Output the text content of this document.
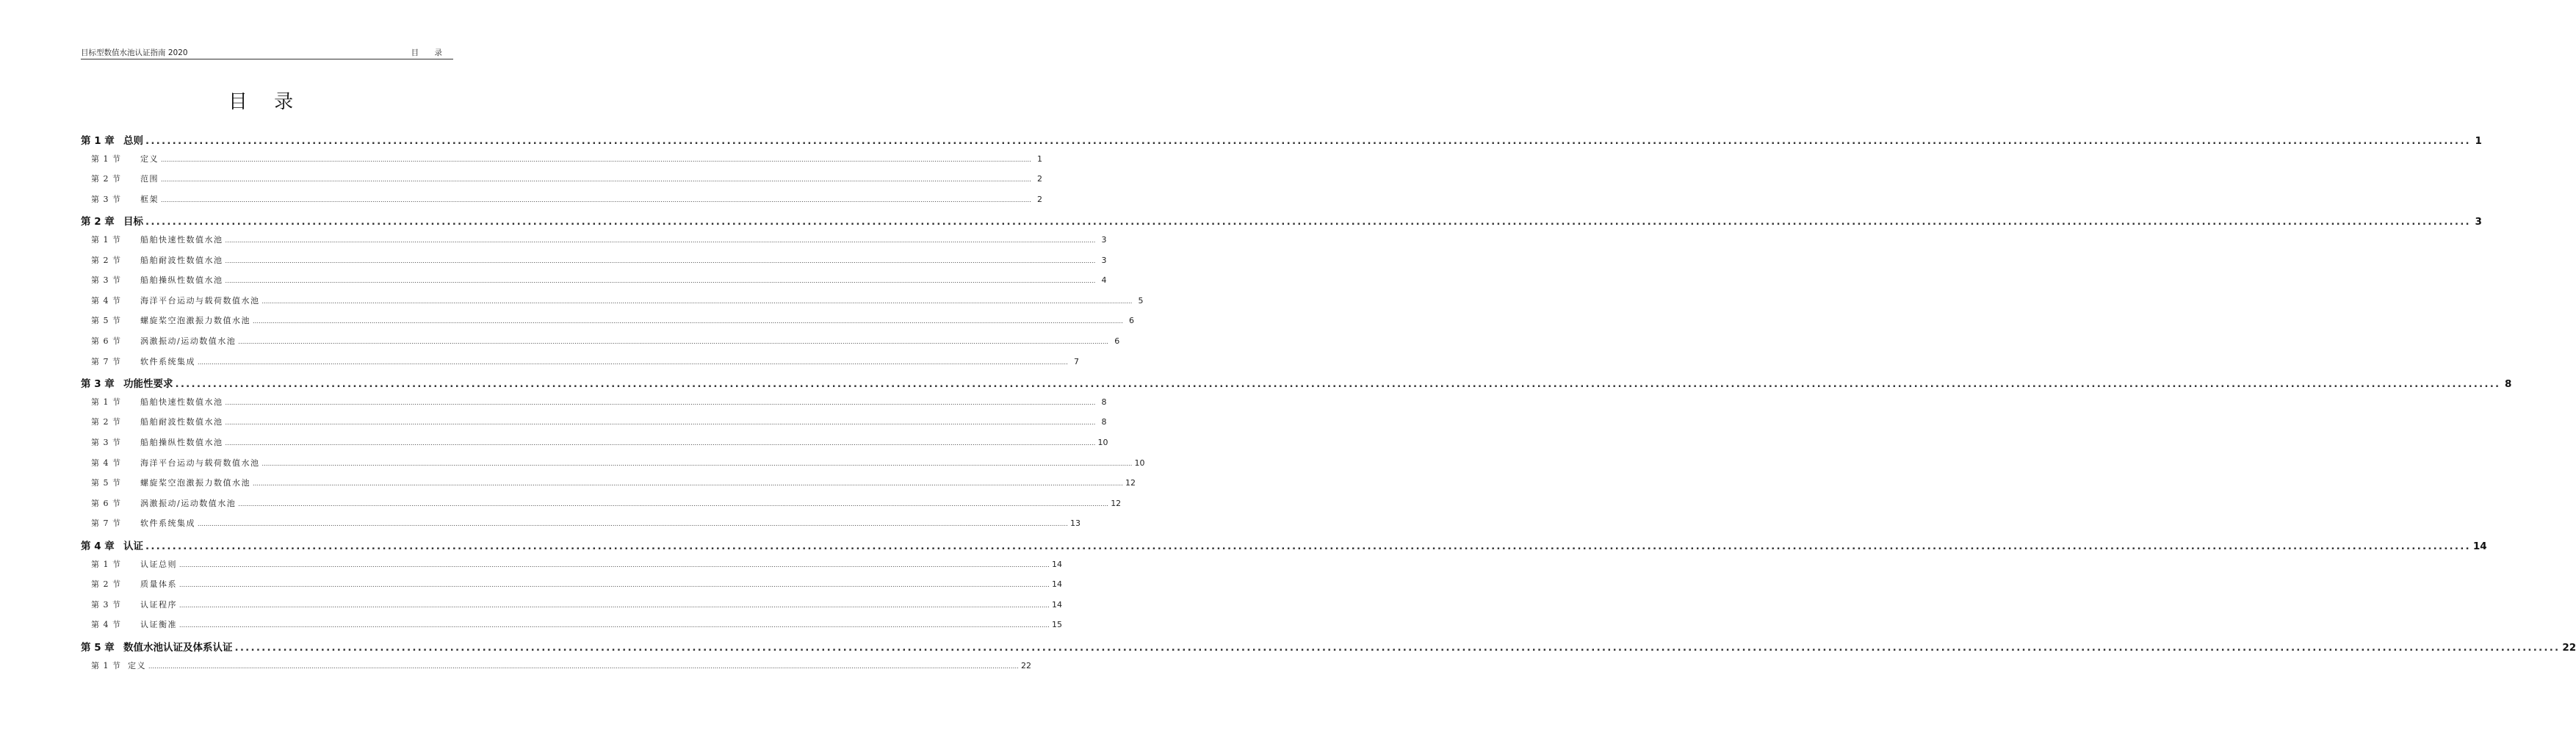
目标型数值水池认证指南 2020	目 录
目 录
第 1 章 总则 ................................................................................................................................................................................................................................................................................................................................................................................................................................................ 1
第 1 节	定义 ................................................................................................................................................................................................................................................................................................................................................................................................................................................ 1
第 2 节	范围 ................................................................................................................................................................................................................................................................................................................................................................................................................................................ 2
第 3 节	框架 ................................................................................................................................................................................................................................................................................................................................................................................................................................................ 2
第 2 章 目标 ................................................................................................................................................................................................................................................................................................................................................................................................................................................ 3
第 1 节	船舶快速性数值水池 ................................................................................................................................................................................................................................................................................................................................................................................................................................................ 3
第 2 节	船舶耐波性数值水池 ................................................................................................................................................................................................................................................................................................................................................................................................................................................ 3
第 3 节	船舶操纵性数值水池 ................................................................................................................................................................................................................................................................................................................................................................................................................................................ 4
第 4 节	海洋平台运动与载荷数值水池 ................................................................................................................................................................................................................................................................................................................................................................................................................................................ 5
第 5 节	螺旋桨空泡激振力数值水池 ................................................................................................................................................................................................................................................................................................................................................................................................................................................ 6
第 6 节	涡激振动/运动数值水池 ................................................................................................................................................................................................................................................................................................................................................................................................................................................ 6
第 7 节	软件系统集成 ................................................................................................................................................................................................................................................................................................................................................................................................................................................ 7
第 3 章 功能性要求 ................................................................................................................................................................................................................................................................................................................................................................................................................................................ 8
第 1 节	船舶快速性数值水池 ................................................................................................................................................................................................................................................................................................................................................................................................................................................ 8
第 2 节	船舶耐波性数值水池 ................................................................................................................................................................................................................................................................................................................................................................................................................................................ 8
第 3 节	船舶操纵性数值水池 ................................................................................................................................................................................................................................................................................................................................................................................................................................................ 10
第 4 节	海洋平台运动与载荷数值水池 ................................................................................................................................................................................................................................................................................................................................................................................................................................................ 10
第 5 节	螺旋桨空泡激振力数值水池 ................................................................................................................................................................................................................................................................................................................................................................................................................................................ 12
第 6 节	涡激振动/运动数值水池 ................................................................................................................................................................................................................................................................................................................................................................................................................................................ 12
第 7 节	软件系统集成 ................................................................................................................................................................................................................................................................................................................................................................................................................................................ 13
第 4 章 认证 ................................................................................................................................................................................................................................................................................................................................................................................................................................................ 14
第 1 节	认证总则 ................................................................................................................................................................................................................................................................................................................................................................................................................................................ 14
第 2 节	质量体系 ................................................................................................................................................................................................................................................................................................................................................................................................................................................ 14
第 3 节	认证程序 ................................................................................................................................................................................................................................................................................................................................................................................................................................................ 14
第 4 节	认证衡准 ................................................................................................................................................................................................................................................................................................................................................................................................................................................ 15
第 5 章 数值水池认证及体系认证 ................................................................................................................................................................................................................................................................................................................................................................................................................................................ 22
第 1 节 定义 ................................................................................................................................................................................................................................................................................................................................................................................................................................................ 22
